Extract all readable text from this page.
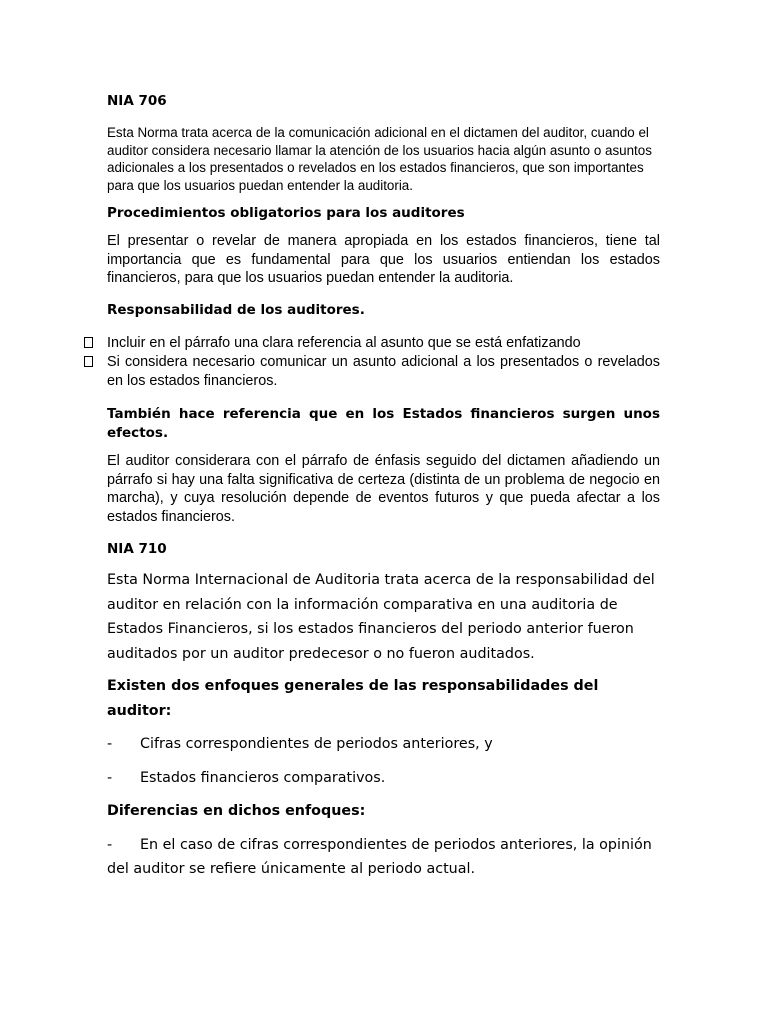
NIA 706

Esta Norma trata acerca de la comunicación adicional en el dictamen del auditor, cuando el auditor considera necesario llamar la atención de los usuarios hacia algún asunto o asuntos adicionales a los presentados o revelados en los estados financieros, que son importantes para que los usuarios puedan entender la auditoria.

Procedimientos obligatorios para los auditores

El presentar o revelar de manera apropiada en los estados financieros, tiene tal importancia que es fundamental para que los usuarios entiendan los estados financieros, para que los usuarios puedan entender la auditoria.

Responsabilidad de los auditores.

Incluir en el párrafo una clara referencia al asunto que se está enfatizando
Si considera necesario comunicar un asunto adicional a los presentados o revelados en los estados financieros.

También hace referencia que en los Estados financieros surgen unos efectos.

El auditor considerara con el párrafo de énfasis seguido del dictamen añadiendo un párrafo si hay una falta significativa de certeza (distinta de un problema de negocio en marcha), y cuya resolución depende de eventos futuros y que pueda afectar a los estados financieros.

NIA 710

Esta Norma Internacional de Auditoria trata acerca de la responsabilidad del auditor en relación con la información comparativa en una auditoria de Estados Financieros, si los estados financieros del periodo anterior fueron auditados por un auditor predecesor o no fueron auditados.

Existen dos enfoques generales de las responsabilidades del auditor:

- Cifras correspondientes de periodos anteriores, y

- Estados financieros comparativos.

Diferencias en dichos enfoques:

- En el caso de cifras correspondientes de periodos anteriores, la opinión del auditor se refiere únicamente al periodo actual.
